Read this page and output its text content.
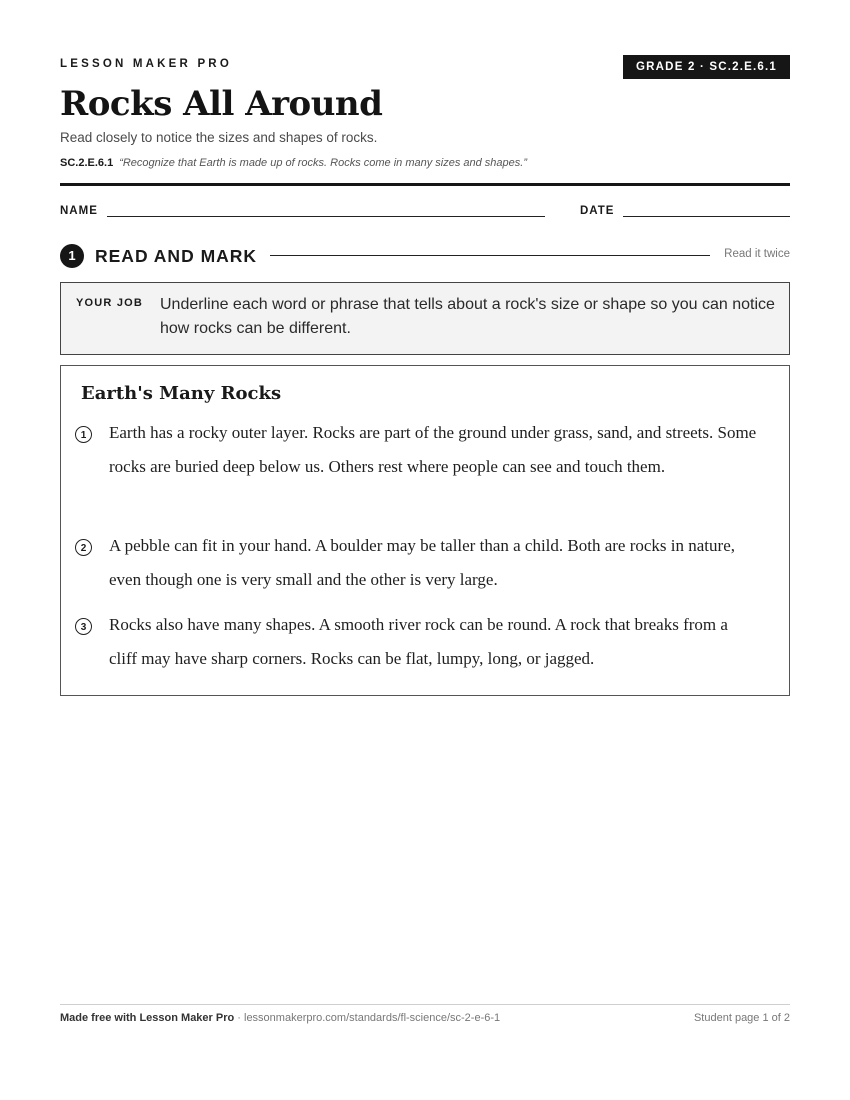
LESSON MAKER PRO	GRADE 2 · SC.2.E.6.1
Rocks All Around
Read closely to notice the sizes and shapes of rocks.
SC.2.E.6.1 “Recognize that Earth is made up of rocks. Rocks come in many sizes and shapes.”
NAME	DATE
1	READ AND MARK	Read it twice
YOUR JOB Underline each word or phrase that tells about a rock's size or shape so you can notice how rocks can be different.
Earth's Many Rocks
1	Earth has a rocky outer layer. Rocks are part of the ground under grass, sand, and streets. Some rocks are buried deep below us. Others rest where people can see and touch them.
2	A pebble can fit in your hand. A boulder may be taller than a child. Both are rocks in nature, even though one is very small and the other is very large.
3	Rocks also have many shapes. A smooth river rock can be round. A rock that breaks from a cliff may have sharp corners. Rocks can be flat, lumpy, long, or jagged.
Made free with Lesson Maker Pro · lessonmakerpro.com/standards/fl-science/sc-2-e-6-1	Student page 1 of 2
